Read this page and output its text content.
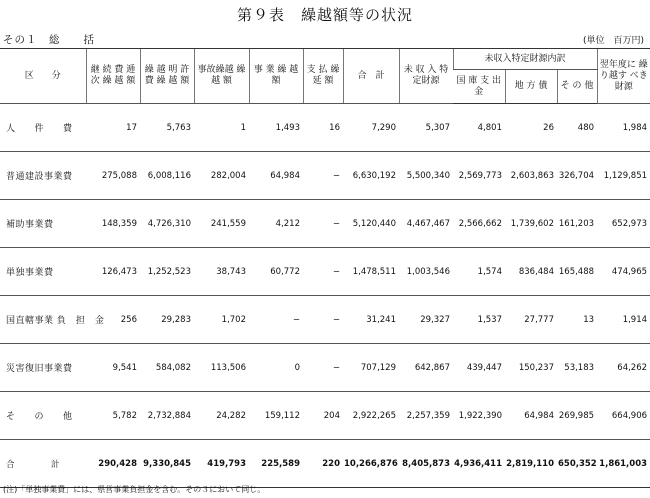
第９表　繰越額等の状況
その１　総　　括	(単位　百万円)
区　　分	継 続 費 逓 次 繰 越 額	繰 越 明 許 費 繰 越 額	事故繰越 繰 越 額	事 業 繰 越 額	支 払 繰 延 額	合　計	未 収 入 特定財源	未収入特定財源内訳			翌年度に 繰り越す べき財源
								国 庫 支 出 金	地 方 債	そ の 他	
人　　件　　費	17	5,763	1	1,493	16	7,290	5,307	4,801	26	480	1,984
普通建設事業費	275,088	6,008,116	282,004	64,984	−	6,630,192	5,500,340	2,569,773	2,603,863	326,704	1,129,851
補助事業費	148,359	4,726,310	241,559	4,212	−	5,120,440	4,467,467	2,566,662	1,739,602	161,203	652,973
単独事業費	126,473	1,252,523	38,743	60,772	−	1,478,511	1,003,546	1,574	836,484	165,488	474,965
国直轄事業 負　担　金	256	29,283	1,702	−	−	31,241	29,327	1,537	27,777	13	1,914
災害復旧事業費	9,541	584,082	113,506	0	−	707,129	642,867	439,447	150,237	53,183	64,262
そ　　の　　他	5,782	2,732,884	24,282	159,112	204	2,922,265	2,257,359	1,922,390	64,984	269,985	664,906
合　　　　計	290,428	9,330,845	419,793	225,589	220	10,266,876	8,405,873	4,936,411	2,819,110	650,352	1,861,003
(注)「単独事業費」には、県営事業負担金を含む。その３において同じ。
